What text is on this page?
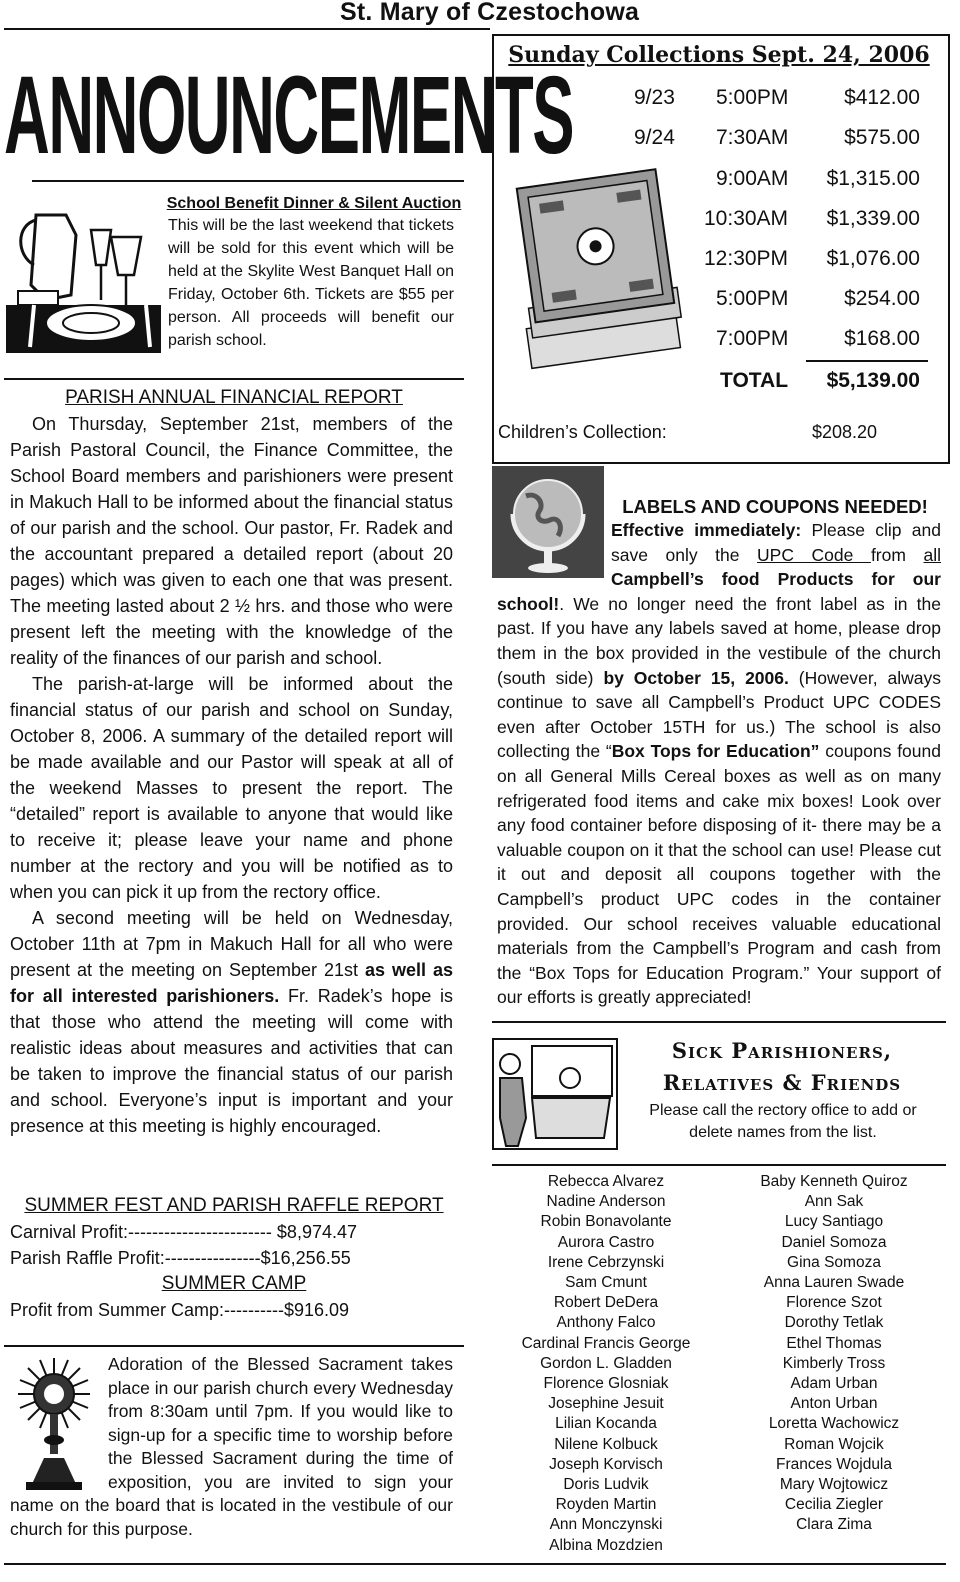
St. Mary of Czestochowa
ANNOUNCEMENTS
School Benefit Dinner & Silent Auction
This will be the last weekend that tickets will be sold for this event which will be held at the Skylite West Banquet Hall on Friday, October 6th. Tickets are $55 per person. All proceeds will benefit our parish school.
PARISH ANNUAL FINANCIAL REPORT
On Thursday, September 21st, members of the Parish Pastoral Council, the Finance Committee, the School Board members and parishioners were present in Makuch Hall to be informed about the financial status of our parish and the school. Our pastor, Fr. Radek and the accountant prepared a detailed report (about 20 pages) which was given to each one that was present. The meeting lasted about 2 ½ hrs. and those who were present left the meeting with the knowledge of the reality of the finances of our parish and school.
The parish-at-large will be informed about the financial status of our parish and school on Sunday, October 8, 2006. A summary of the detailed report will be made available and our Pastor will speak at all of the weekend Masses to present the report. The “detailed” report is available to anyone that would like to receive it; please leave your name and phone number at the rectory and you will be notified as to when you can pick it up from the rectory office.
A second meeting will be held on Wednesday, October 11th at 7pm in Makuch Hall for all who were present at the meeting on September 21st as well as for all interested parishioners. Fr. Radek’s hope is that those who attend the meeting will come with realistic ideas about measures and activities that can be taken to improve the financial status of our parish and school. Everyone’s input is important and your presence at this meeting is highly encouraged.
SUMMER FEST AND PARISH RAFFLE REPORT
Carnival Profit:------------------------ $8,974.47
Parish Raffle Profit:----------------$16,256.55
SUMMER CAMP
Profit from Summer Camp:----------$916.09
Adoration of the Blessed Sacrament takes place in our parish church every Wednesday from 8:30am until 7pm. If you would like to sign-up for a specific time to worship before the Blessed Sacrament during the time of exposition, you are invited to sign your name on the board that is located in the vestibule of our church for this purpose.
Sunday Collections Sept. 24, 2006
9/23 5:00PM	$412.00
9/24 7:30AM	$575.00
9:00AM $1,315.00
10:30AM $1,339.00
12:30PM $1,076.00
5:00PM	$254.00
7:00PM	$168.00
TOTAL $5,139.00
Children’s Collection:	$208.20
LABELS AND COUPONS NEEDED!
Effective immediately: Please clip and save only the UPC Code from all Campbell’s food Products for our school!. We no longer need the front label as in the past. If you have any labels saved at home, please drop them in the box provided in the vestibule of the church (south side) by October 15, 2006. (However, always continue to save all Campbell’s Product UPC CODES even after October 15TH for us.) The school is also collecting the “Box Tops for Education” coupons found on all General Mills Cereal boxes as well as on many refrigerated food items and cake mix boxes! Look over any food container before disposing of it- there may be a valuable coupon on it that the school can use! Please cut it out and deposit all coupons together with the Campbell’s product UPC codes in the container provided. Our school receives valuable educational materials from the Campbell’s Program and cash from the “Box Tops for Education Program.” Your support of our efforts is greatly appreciated!
Sick Parishioners,
Relatives & Friends
Please call the rectory office to add or delete names from the list.
Rebecca Alvarez
Nadine Anderson
Robin Bonavolante
Aurora Castro
Irene Cebrzynski
Sam Cmunt
Robert DeDera
Anthony Falco
Cardinal Francis George
Gordon L. Gladden
Florence Glosniak
Josephine Jesuit
Lilian Kocanda
Nilene Kolbuck
Joseph Korvisch
Doris Ludvik
Royden Martin
Ann Monczynski
Albina Mozdzien
Baby Kenneth Quiroz
Ann Sak
Lucy Santiago
Daniel Somoza
Gina Somoza
Anna Lauren Swade
Florence Szot
Dorothy Tetlak
Ethel Thomas
Kimberly Tross
Adam Urban
Anton Urban
Loretta Wachowicz
Roman Wojcik
Frances Wojdula
Mary Wojtowicz
Cecilia Ziegler
Clara Zima
